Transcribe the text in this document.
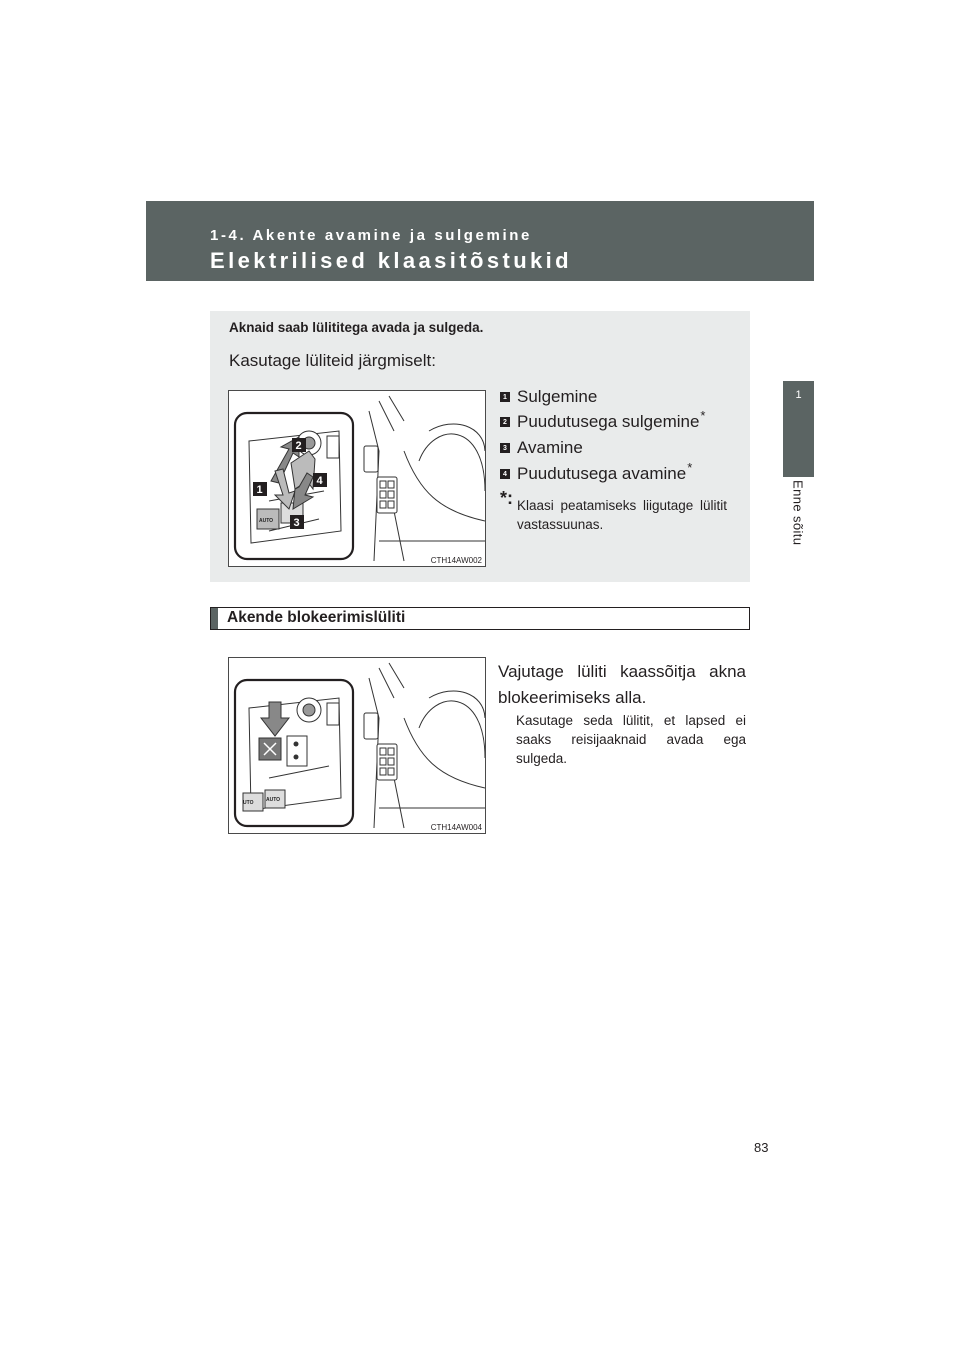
1-4. Akente avamine ja sulgemine
Elektrilised klaasitõstukid
1
Enne sõitu
Aknaid saab lülititega avada ja sulgeda.
Kasutage lüliteid järgmiselt:
AUTO
1
2
3
4
CTH14AW002
1 Sulgemine
2 Puudutusega sulgemine *
3 Avamine
4 Puudutusega avamine *
*: Klaasi peatamiseks liigutage lülitit vastassuunas.
Akende blokeerimislüliti
UTO	AUTO
CTH14AW004
Vajutage lüliti kaassõitja akna
blokeerimiseks alla.
Kasutage seda lülitit, et lapsed ei saaks reisijaaknaid avada ega sulgeda.
83
